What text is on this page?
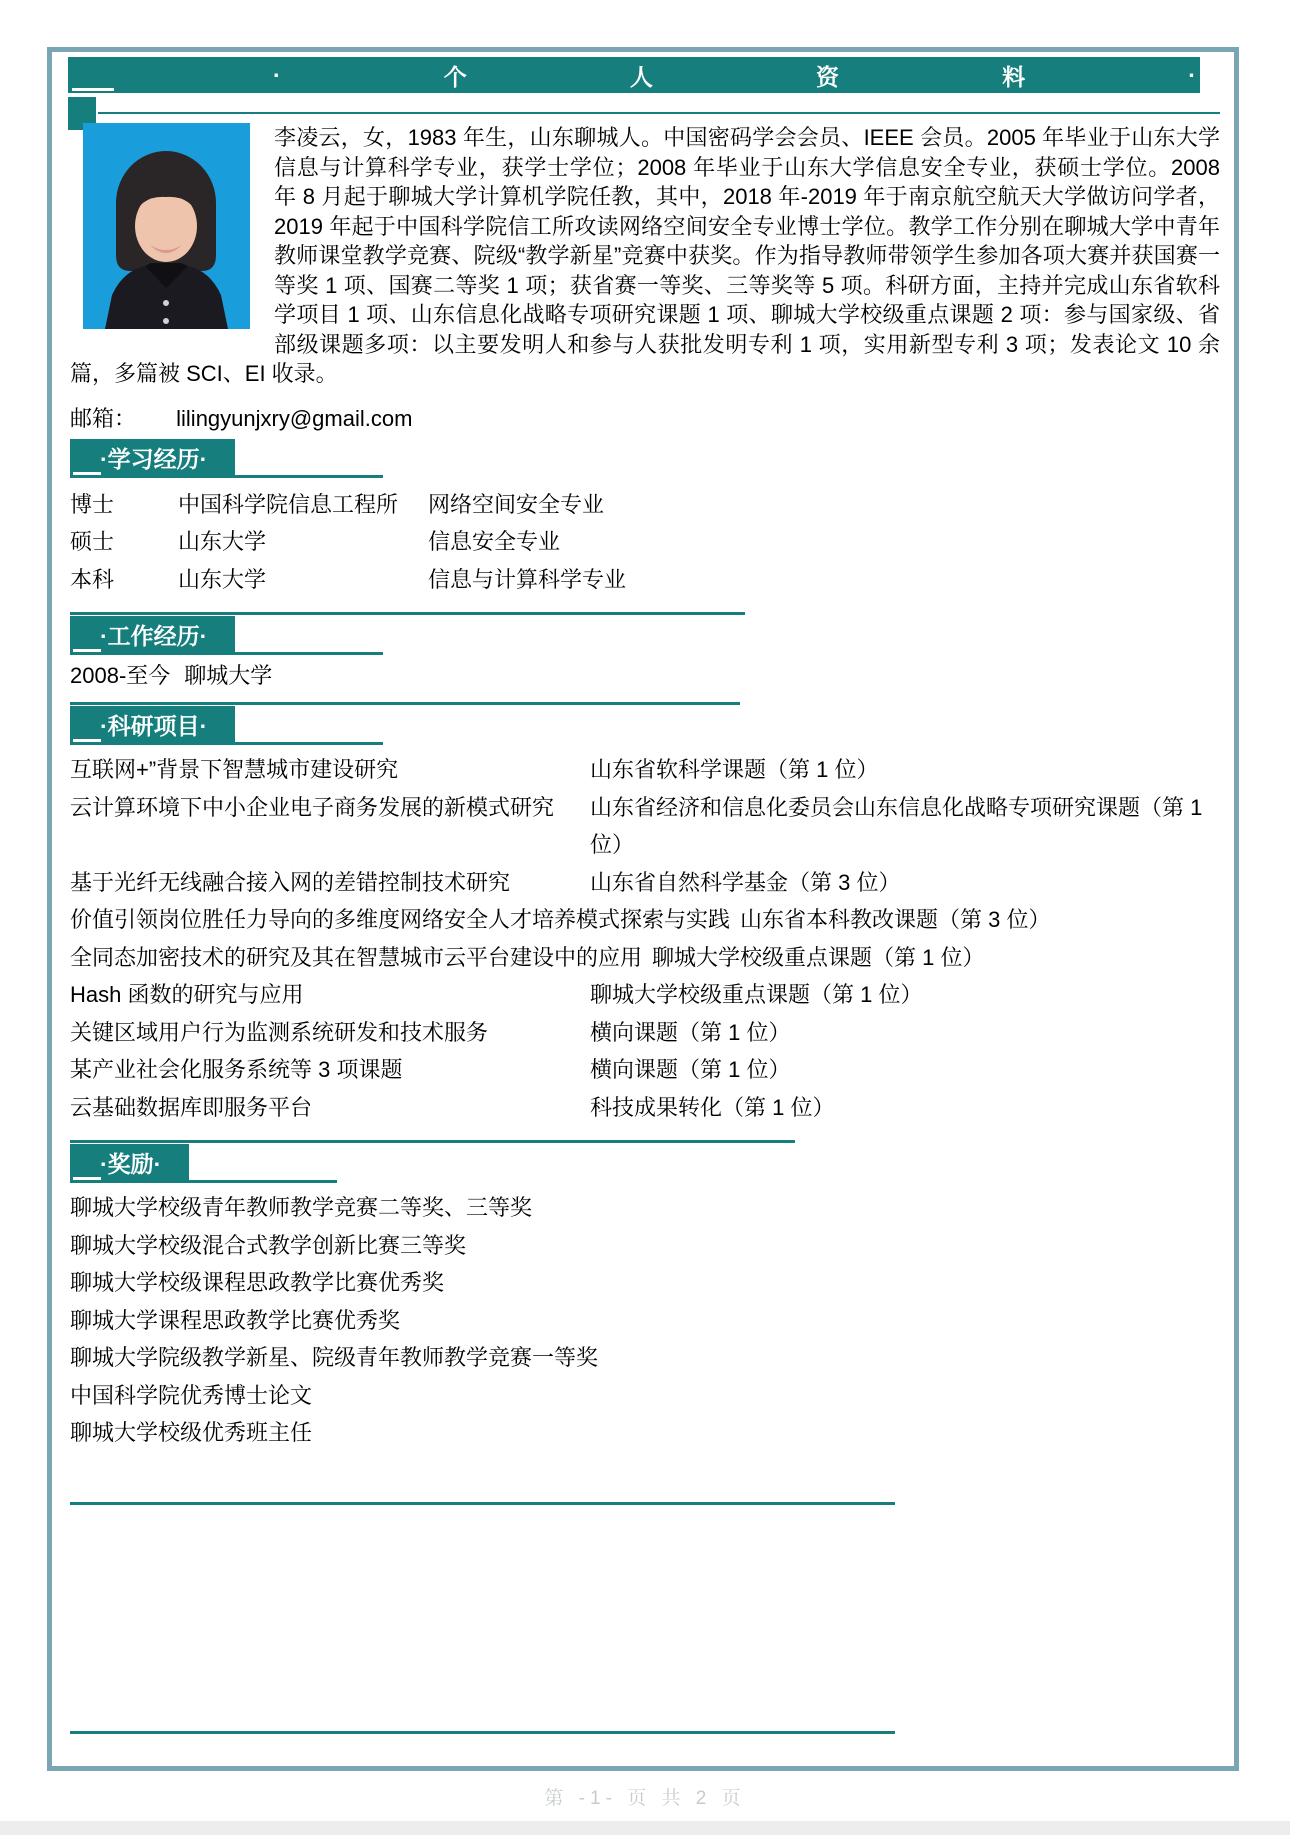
·	个	人	资	料	·
李凌云，女，1983 年生，山东聊城人。中国密码学会会员、IEEE 会员。2005 年毕业于山东大学信息与计算科学专业，获学士学位；2008 年毕业于山东大学信息安全专业，获硕士学位。2008 年 8 月起于聊城大学计算机学院任教，其中，2018 年-2019 年于南京航空航天大学做访问学者，2019 年起于中国科学院信工所攻读网络空间安全专业博士学位。教学工作分别在聊城大学中青年教师课堂教学竞赛、院级“教学新星”竞赛中获奖。作为指导教师带领学生参加各项大赛并获国赛一等奖 1 项、国赛二等奖 1 项；获省赛一等奖、三等奖等 5 项。科研方面，主持并完成山东省软科学项目 1 项、山东信息化战略专项研究课题 1 项、聊城大学校级重点课题 2 项：参与国家级、省部级课题多项：以主要发明人和参与人获批发明专利 1 项，实用新型专利 3 项；发表论文 10 余篇，多篇被 SCI、EI 收录。
邮箱： lilingyunjxry@gmail.com
·学习经历·
博士	中国科学院信息工程所	网络空间安全专业
硕士	山东大学	信息安全专业
本科	山东大学	信息与计算科学专业
·工作经历·
2008-至今 聊城大学
·科研项目·
互联网+”背景下智慧城市建设研究	山东省软科学课题（第 1 位）
云计算环境下中小企业电子商务发展的新模式研究	山东省经济和信息化委员会山东信息化战略专项研究课题（第 1 位）
基于光纤无线融合接入网的差错控制技术研究	山东省自然科学基金（第 3 位）
价值引领岗位胜任力导向的多维度网络安全人才培养模式探索与实践 山东省本科教改课题（第 3 位）
全同态加密技术的研究及其在智慧城市云平台建设中的应用 聊城大学校级重点课题（第 1 位）
Hash 函数的研究与应用	聊城大学校级重点课题（第 1 位）
关键区域用户行为监测系统研发和技术服务	横向课题（第 1 位）
某产业社会化服务系统等 3 项课题	横向课题（第 1 位）
云基础数据库即服务平台	科技成果转化（第 1 位）
·奖励·
聊城大学校级青年教师教学竞赛二等奖、三等奖
聊城大学校级混合式教学创新比赛三等奖
聊城大学校级课程思政教学比赛优秀奖
聊城大学课程思政教学比赛优秀奖
聊城大学院级教学新星、院级青年教师教学竞赛一等奖
中国科学院优秀博士论文
聊城大学校级优秀班主任
第 -1- 页 共 2 页
